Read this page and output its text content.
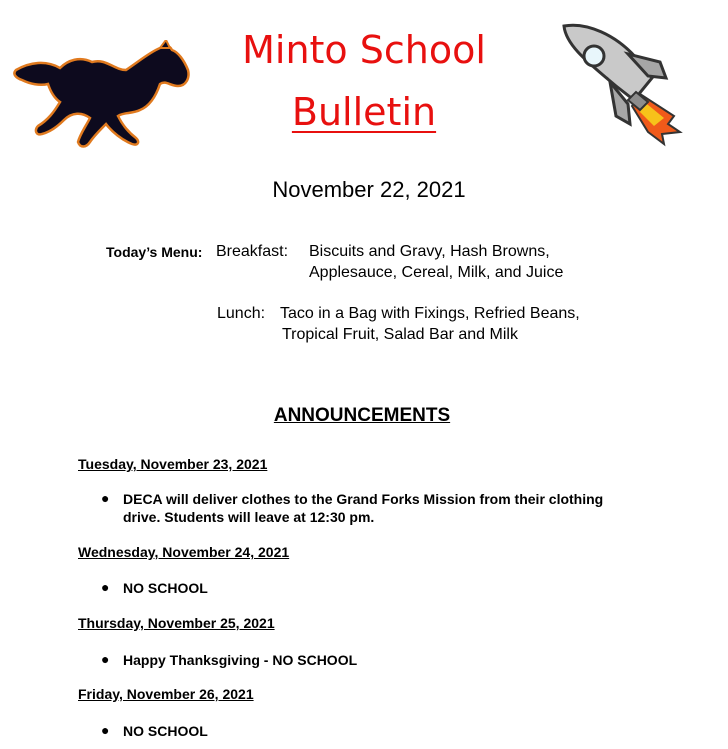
Minto School
Bulletin
November 22, 2021
Today’s Menu: Breakfast: Biscuits and Gravy, Hash Browns,
Applesauce, Cereal, Milk, and Juice
Lunch: Taco in a Bag with Fixings, Refried Beans,
Tropical Fruit, Salad Bar and Milk
ANNOUNCEMENTS
Tuesday, November 23, 2021
● DECA will deliver clothes to the Grand Forks Mission from their clothing
drive. Students will leave at 12:30 pm.
Wednesday, November 24, 2021
● NO SCHOOL
Thursday, November 25, 2021
● Happy Thanksgiving - NO SCHOOL
Friday, November 26, 2021
● NO SCHOOL
